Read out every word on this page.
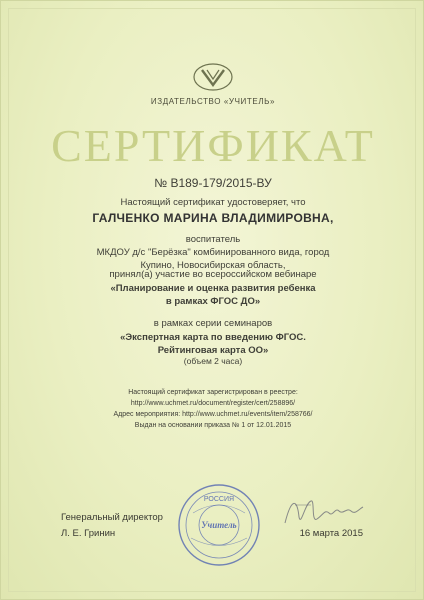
ИЗДАТЕЛЬСТВО «УЧИТЕЛЬ»
СЕРТИФИКАТ
№ В189-179/2015-ВУ
Настоящий сертификат удостоверяет, что
ГАЛЧЕНКО МАРИНА ВЛАДИМИРОВНА,
воспитатель
МКДОУ д/с "Берёзка" комбинированного вида, город
Купино, Новосибирская область,
принял(а) участие во всероссийском вебинаре
«Планирование и оценка развития ребенка
в рамках ФГОС ДО»
в рамках серии семинаров
«Экспертная карта по введению ФГОС.
Рейтинговая карта ОО»
(объем 2 часа)
Настоящий сертификат зарегистрирован в реестре:
http://www.uchmet.ru/document/register/cert/258896/
Адрес мероприятия: http://www.uchmet.ru/events/item/258766/
Выдан на основании приказа № 1 от 12.01.2015
Генеральный директор
Л. Е. Гринин	16 марта 2015
РОССИЯ
Учитель
